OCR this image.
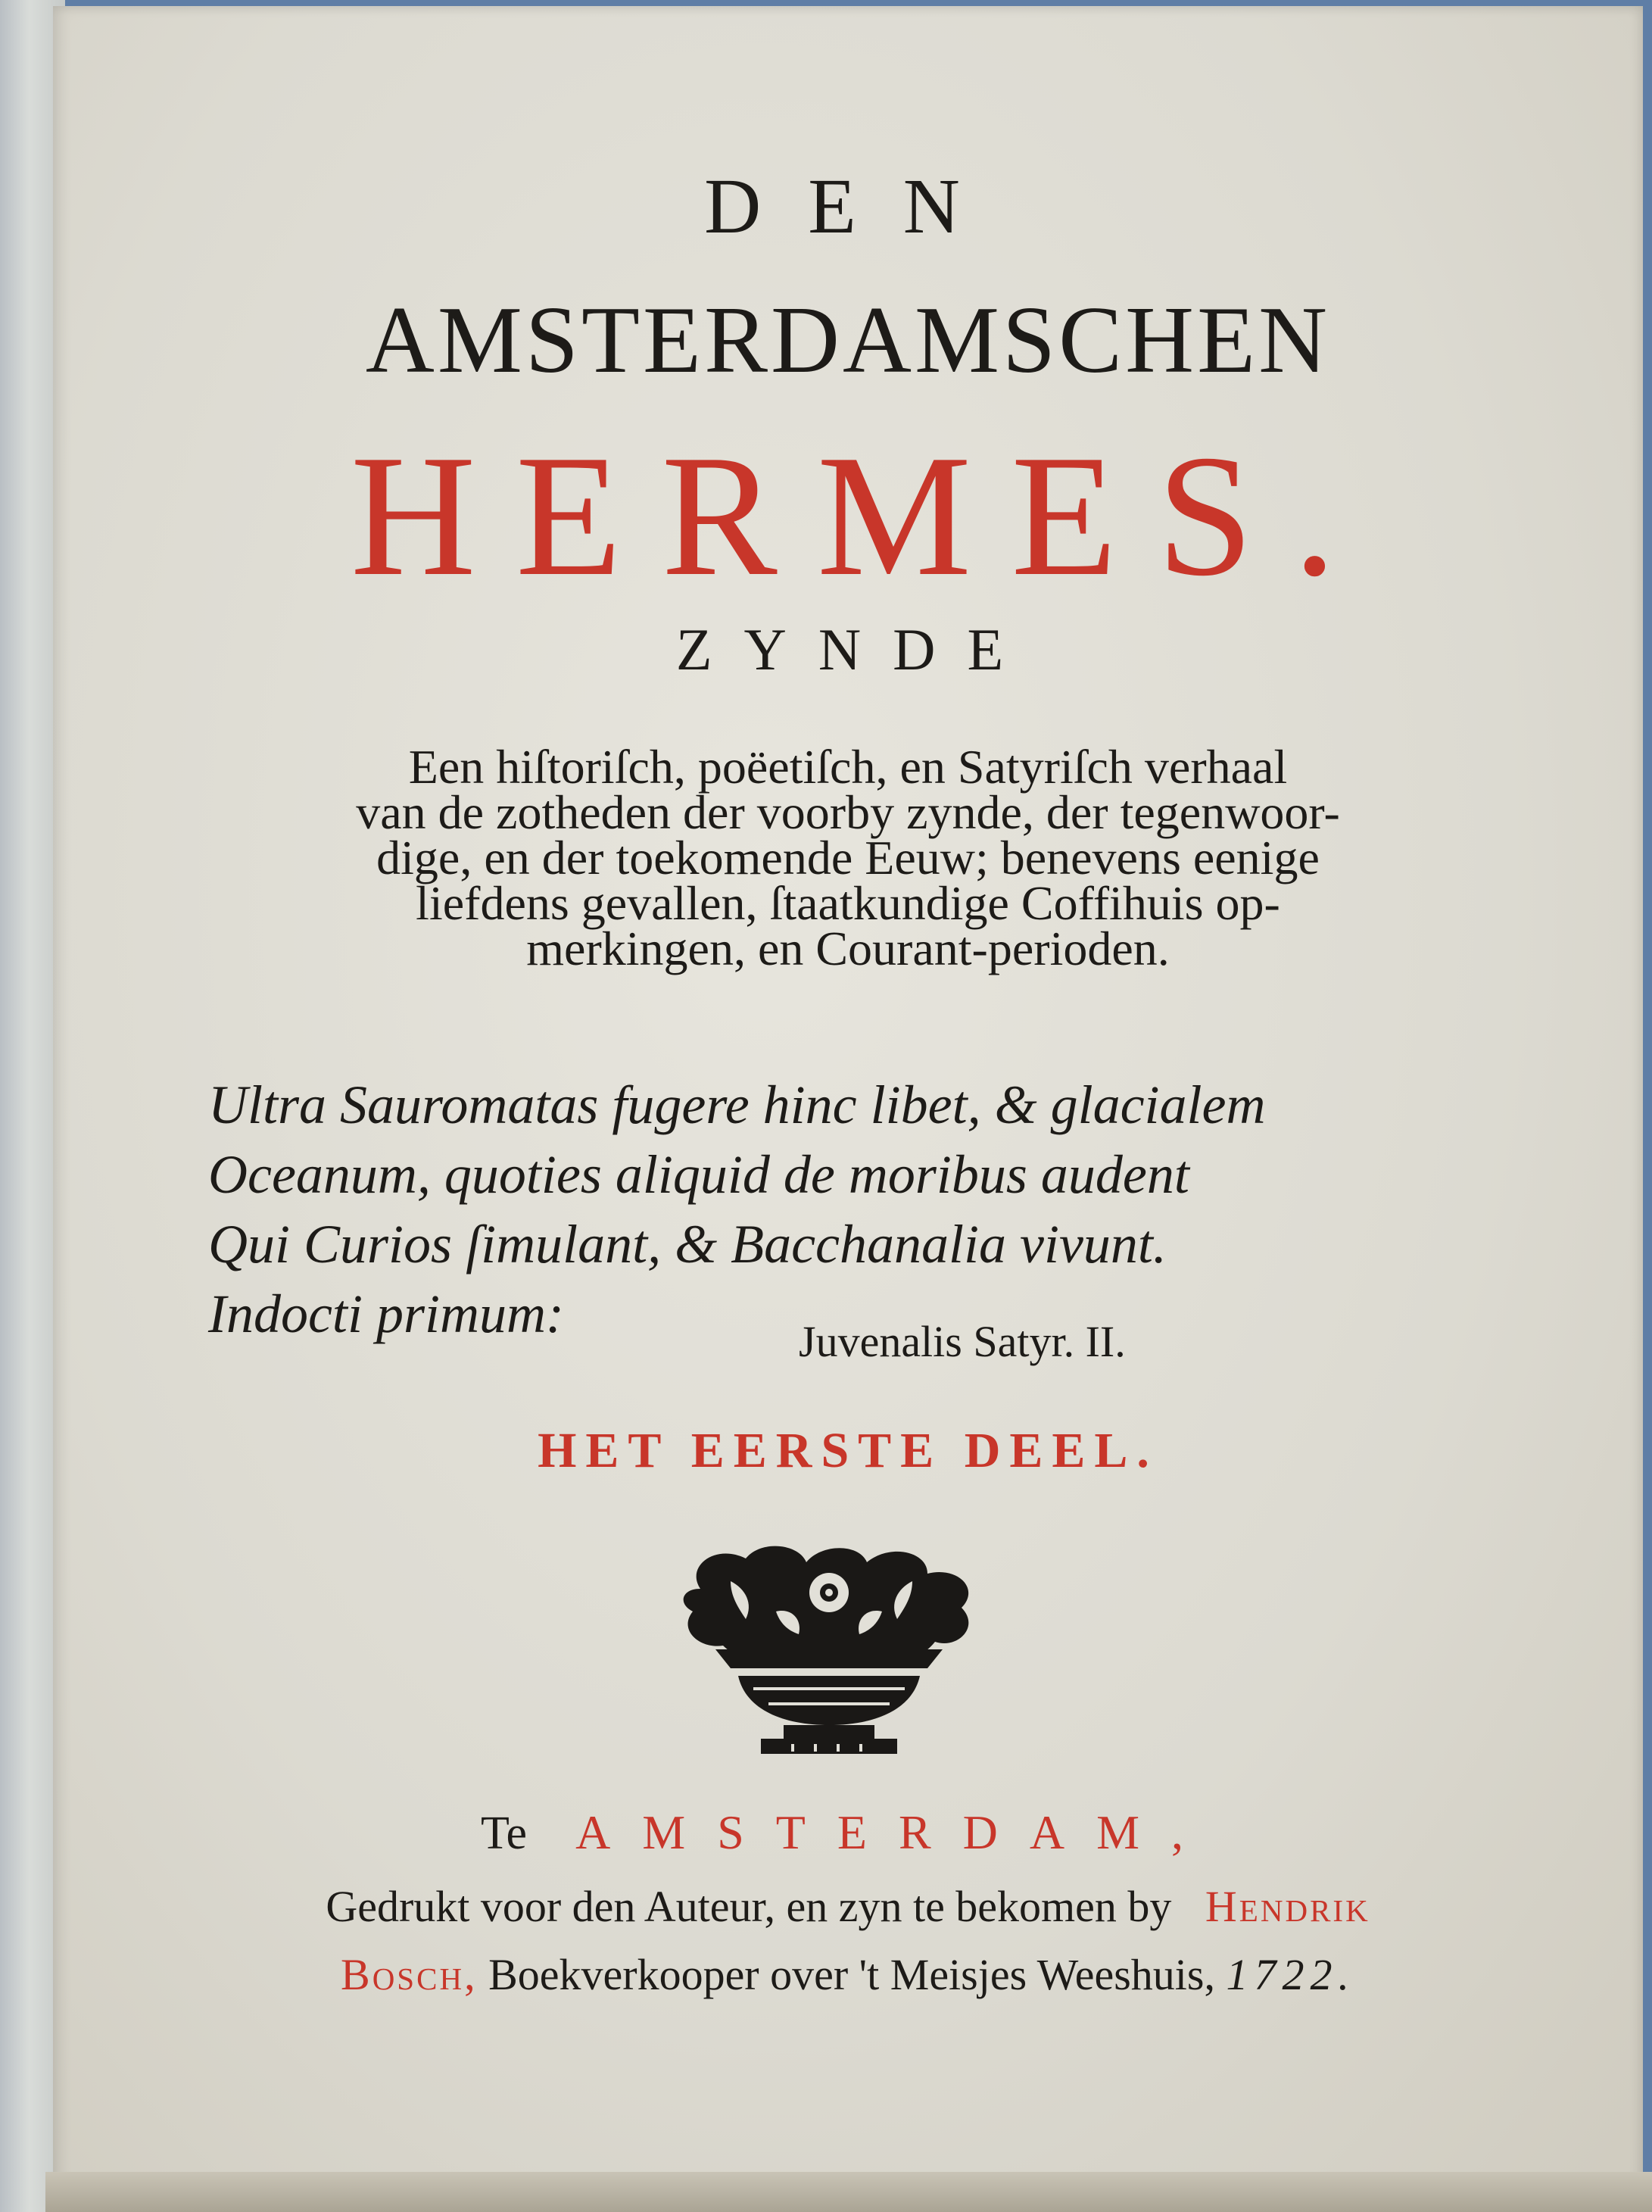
DEN
AMSTERDAMSCHEN
HERMES.
ZYNDE
Een hiſtoriſch, poëetiſch, en Satyriſch verhaal
van de zotheden der voorby zynde, der tegenwoor-
dige, en der toekomende Eeuw; benevens eenige
liefdens gevallen, ſtaatkundige Coffihuis op-
merkingen, en Courant-perioden.
Ultra Sauromatas fugere hinc libet, & glacialem
Oceanum, quoties aliquid de moribus audent
Qui Curios ſimulant, & Bacchanalia vivunt.
Indocti primum:	Juvenalis Satyr. II.
HET EERSTE DEEL.
Te AMSTERDAM,
Gedrukt voor den Auteur, en zyn te bekomen by Hendrik
Bosch, Boekverkooper over 't Meisjes Weeshuis, 1722.
